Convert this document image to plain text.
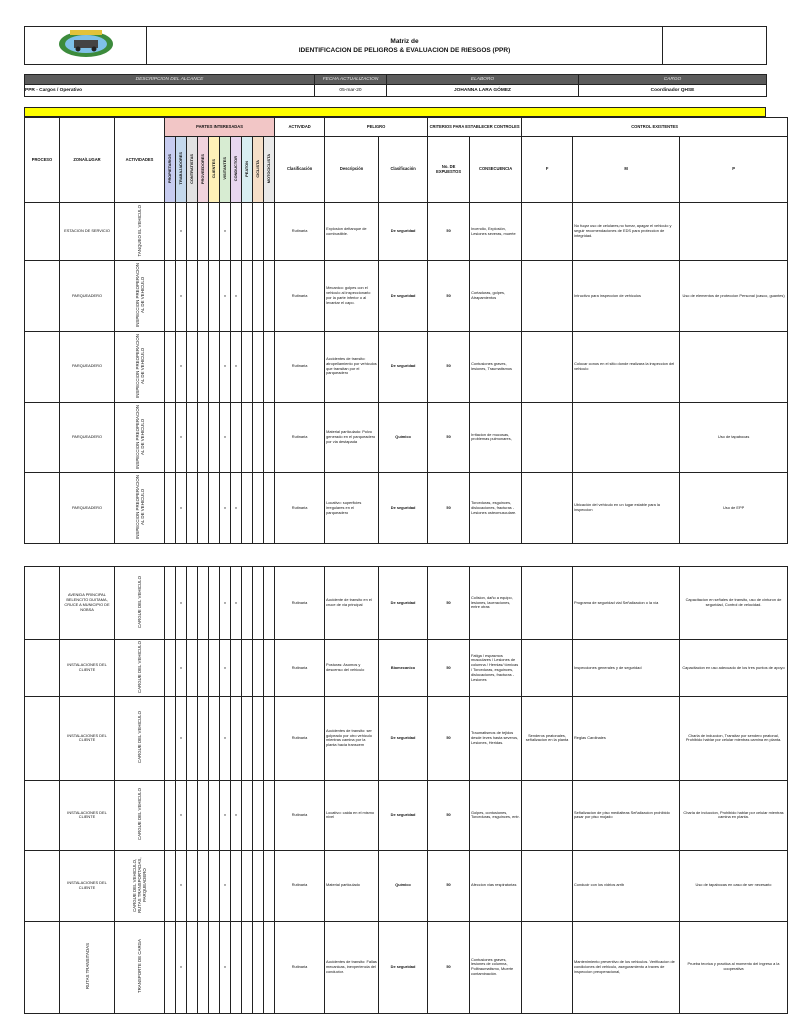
Matriz de
IDENTIFICACION DE PELIGROS & EVALUACION DE RIESGOS (PPR)

DESCRIPCION DEL ALCANCE	FECHA ACTUALIZACION	ELABORO	CARGO
PPR - Cargos / Operativo	05-mar-20	JOHANNA LARA GÓMEZ	Coordinador QHSE
PROCESO	ZONA/LUGAR	ACTIVIDADES	PARTES INTERESADAS										ACTIVIDAD	PELIGRO		CRITERIOS PARA ESTABLECER CONTROLES		CONTROL EXISTENTES		
			PROPIETARIOS	TRABAJADORES	CONTRATISTAS	PROVEEDORES	CLIENTES	VISITANTES	CONDUCTOR	PEATON	CICLISTA	MOTOCICLISTA	Clasificación	Descripción	Clasificación	No. DE EXPUESTOS	CONSECUENCIA	F	M	P
	ESTACION DE SERVICIO	TANQUEO EL VEHICULO		x				x					Rutinaria	Explosion deltanque de combustible.	De seguridad	50	Incendio, Explosión, Lesiones severas, muerte		No fuqar uso de celulares,no fumar, apagar el vehiculo y seguir recomendaciones de EDS para proteccion de integridad.	
	PARQUEADERO	INSPECCION PREOPERACION AL DE VEHICULO		x				x	x				Rutinaria	Mecanico: golpes con el vehiculo al inspeccionarlo por la parte inferior o al levantar el capo.	De seguridad	50	Cortaduras, golpes, Atrapamientos		Intructivo para inspeccion de vehiculos	Uso de elementos de proteccion Personal (casco, guantes)
	PARQUEADERO	INSPECCION PREOPERACION AL DE VEHICULO		x				x	x				Rutinaria	Accidentes de transito: atropellamiento por vehiculos que transitan por el parqueadero	De seguridad	50	Contusiones graves, lesiones, Traumatismos		Colocar conos en el sitio donde realizara la inspeccion del vehiculo	
	PARQUEADERO	INSPECCION PREOPERACION AL DE VEHICULO		x				x					Rutinaria	Material particulado: Polvo generado en el parqueadero por via destapada	Químico	50	Irritacion de mucosas, problemas pulmonares,			Uso de tapabocas
	PARQUEADERO	INSPECCION PREOPERACION AL DE VEHICULO		x				x	x				Rutinaria	Locativo: superficies irregulares en el parqueadero	De seguridad	50	Torceduras, esguinces, dislocaciones, fracturas - Lesiones osteomusculare.		Ubicación del vehiculo en un lugar estable para la inspeccion	Uso de EPP
	AVENIDA PRINCIPAL BELENCITO DUITAMA, CRUCE A MUNICIPIO DE NOBSA	CARGUE DEL VEHICULO		x				x	x				Rutinaria	Accidente de transito en el cruce de via principal	De seguridad	50	Colision, daño a equipo, lesiones, laceraciones, entre otras		Programa de seguridad vial Señalizacion o la vía	Capacitacion en señales de transito, uso de cinturon de seguridad, Control de velocidad.
	INSTALACIONES DEL CLIENTE	CARGUE DEL VEHICULO		x				x					Rutinaria	Posturas: Asomos y descenso del vehiculo	Biomecanico	50	Fatiga / espasmos musculares / Lesiones de columna / Hernias/ tórnicas / Torceduras, esguinces, dislocaciones, fracturas - Lesiones		Inspecciones generales y de seguridad	Capacitacion en uso adecuado de los tres puntos de apoyo
	INSTALACIONES DEL CLIENTE	CARGUE DEL VEHICULO		x				x					Rutinaria	Accidentes de transito: ser golpeado por otro vehiculo mientras camina por la planta hacia transcem	De seguridad	50	Traumatismos de tejidos desde leves hasta severos, Lesiones, Heridas.	Senderos peatonales, señalizacion en la planta	Reglas Cardinales	Charla de induccion, Transitar por sendero peatonal, Prohibido hablar por celular mientras camina en planta.
	INSTALACIONES DEL CLIENTE	CARGUE DEL VEHICULO		x				x	x				Rutinaria	Locativo: caida en el mismo nivel	De seguridad	50	Golpes, contusiones, Torceduras, esguinces, entr.		Señalizacion de piso mediaiteas Señalizacion prohibido pasar por piso mojado	Charla de induccion, Prohibido hablar por celular mientras camina en planta.
	INSTALACIONES DEL CLIENTE	CARGUE DEL VEHICULO, RUTAS TRANSPORTADAS, PARQUEADERO		x				x					Rutinaria	Material particulado	Químico	50	Afeccion vias respiratorias		Conducir con los vidrios arrib	Uso de tapabocas en caso de ser necesario
	RUTAS TRANSITADAS	TRANSPORTE DE CARGA		x				x					Rutinaria	Accidentes de transito: Fallas mecanicas, inexperiencia del conductor.	De seguridad	50	Contusiones graves, lesiones de columna, Politraumatismo, Muerte contaminación.		Mantenimiento preventivo de los vehiculos. Verificacion de condiciones del vehiculo, aseguramiento a traves de inspeccion preoperacional,	Prueba teorica y practica al momento del ingreso a la cooperativa
